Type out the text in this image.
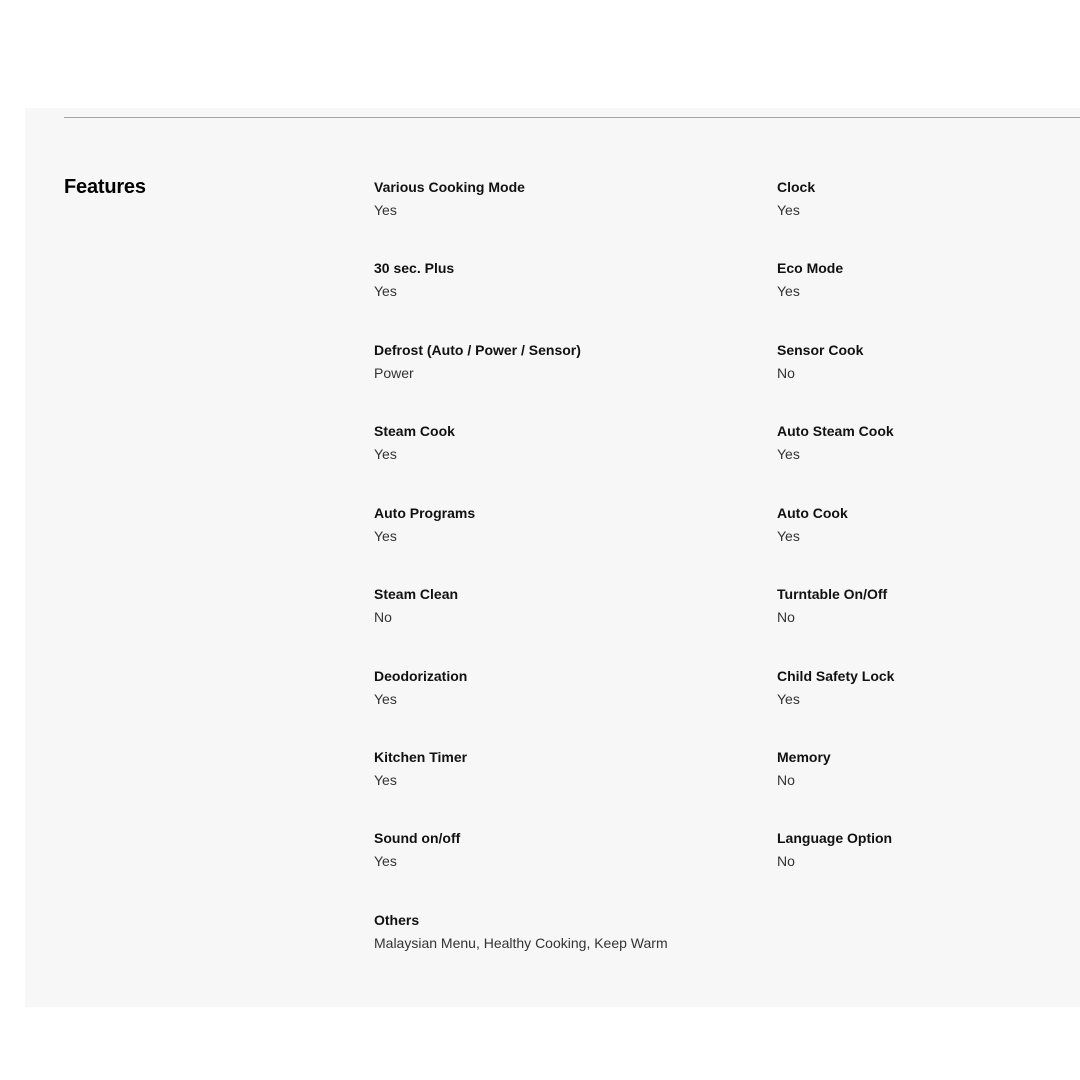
Features	Various Cooking Mode
Yes
Clock
Yes
30 sec. Plus
Yes
Eco Mode
Yes
Defrost (Auto / Power / Sensor)
Power
Sensor Cook
No
Steam Cook
Yes
Auto Steam Cook
Yes
Auto Programs
Yes
Auto Cook
Yes
Steam Clean
No
Turntable On/Off
No
Deodorization
Yes
Child Safety Lock
Yes
Kitchen Timer
Yes
Memory
No
Sound on/off
Yes
Language Option
No
Others
Malaysian Menu, Healthy Cooking, Keep Warm
